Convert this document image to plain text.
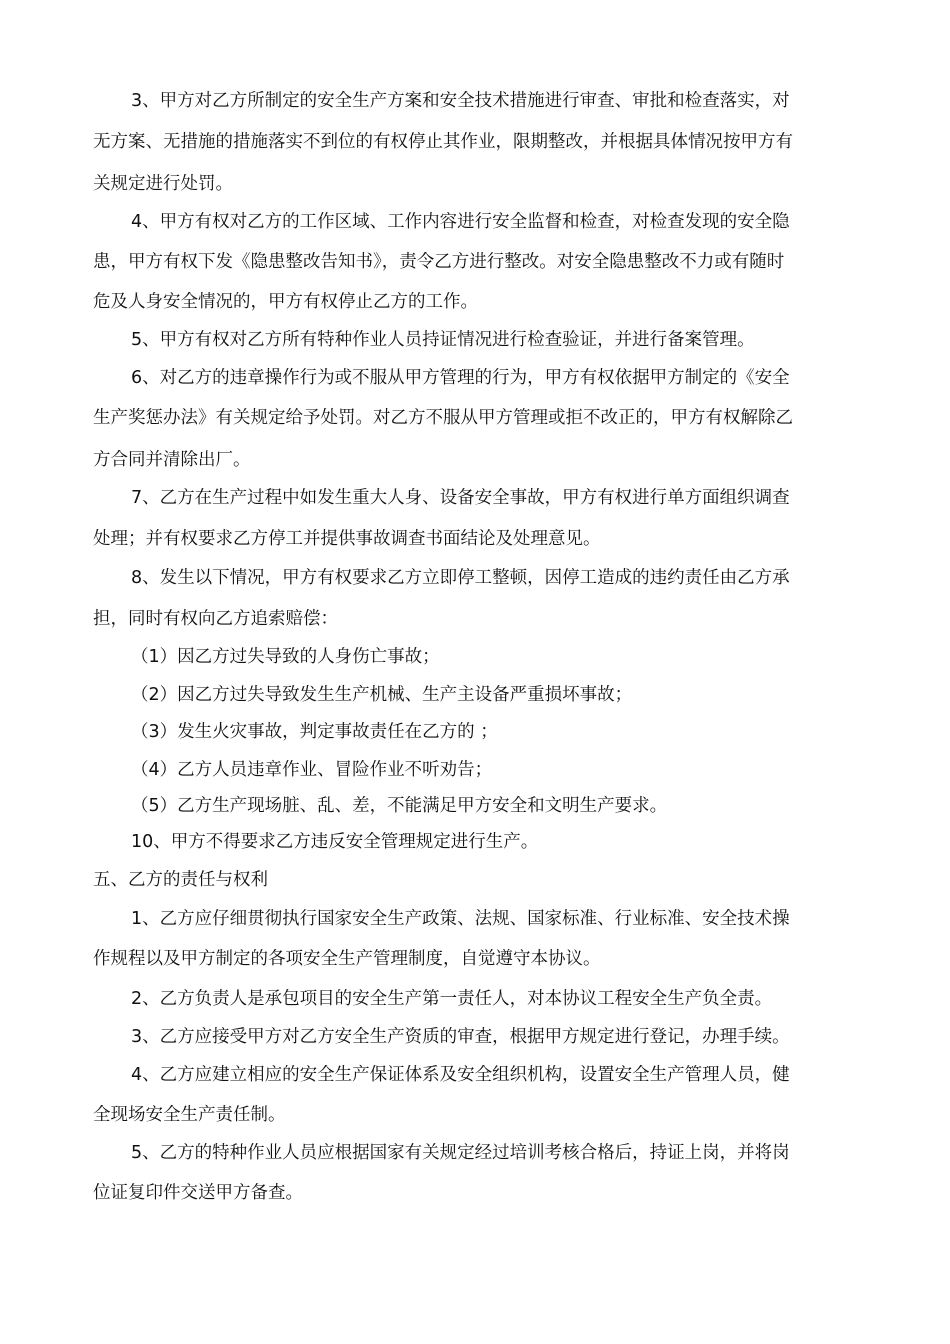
3、甲方对乙方所制定的安全生产方案和安全技术措施进行审查、审批和检查落实，对
无方案、无措施的措施落实不到位的有权停止其作业，限期整改，并根据具体情况按甲方有
关规定进行处罚。
4、甲方有权对乙方的工作区域、工作内容进行安全监督和检查，对检查发现的安全隐
患，甲方有权下发《隐患整改告知书》，责令乙方进行整改。对安全隐患整改不力或有随时
危及人身安全情况的，甲方有权停止乙方的工作。
5、甲方有权对乙方所有特种作业人员持证情况进行检查验证，并进行备案管理。
6、对乙方的违章操作行为或不服从甲方管理的行为，甲方有权依据甲方制定的《安全
生产奖惩办法》有关规定给予处罚。对乙方不服从甲方管理或拒不改正的，甲方有权解除乙
方合同并清除出厂。
7、乙方在生产过程中如发生重大人身、设备安全事故，甲方有权进行单方面组织调查
处理；并有权要求乙方停工并提供事故调查书面结论及处理意见。
8、发生以下情况，甲方有权要求乙方立即停工整顿，因停工造成的违约责任由乙方承
担，同时有权向乙方追索赔偿：
（1）因乙方过失导致的人身伤亡事故；
（2）因乙方过失导致发生生产机械、生产主设备严重损坏事故；
（3）发生火灾事故，判定事故责任在乙方的 ；
（4）乙方人员违章作业、冒险作业不听劝告；
（5）乙方生产现场脏、乱、差，不能满足甲方安全和文明生产要求。
10、甲方不得要求乙方违反安全管理规定进行生产。
五、乙方的责任与权利
1、乙方应仔细贯彻执行国家安全生产政策、法规、国家标准、行业标准、安全技术操
作规程以及甲方制定的各项安全生产管理制度，自觉遵守本协议。
2、乙方负责人是承包项目的安全生产第一责任人，对本协议工程安全生产负全责。
3、乙方应接受甲方对乙方安全生产资质的审查，根据甲方规定进行登记，办理手续。
4、乙方应建立相应的安全生产保证体系及安全组织机构，设置安全生产管理人员，健
全现场安全生产责任制。
5、乙方的特种作业人员应根据国家有关规定经过培训考核合格后，持证上岗，并将岗
位证复印件交送甲方备查。
